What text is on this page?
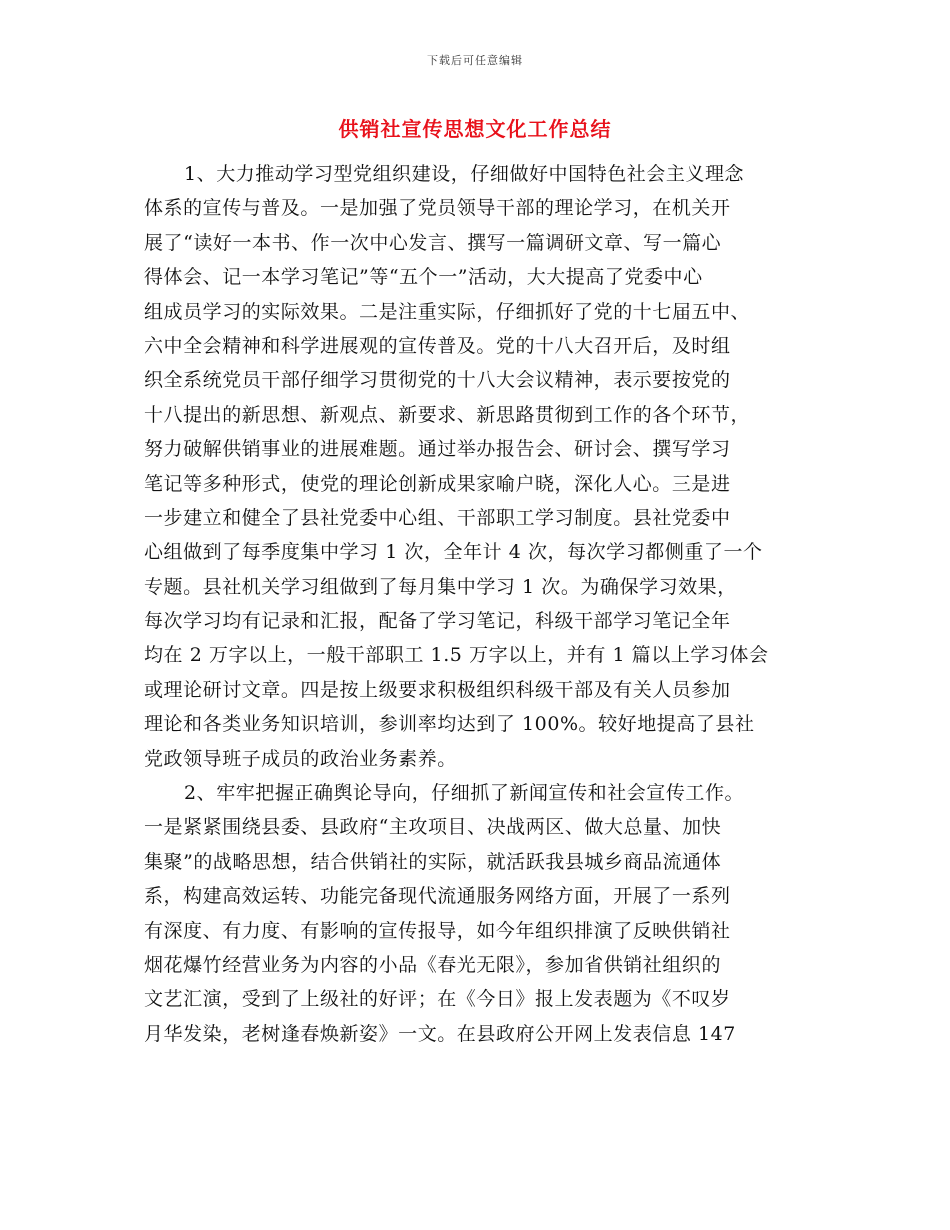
下载后可任意编辑
供销社宣传思想文化工作总结
1、大力推动学习型党组织建设，仔细做好中国特色社会主义理念
体系的宣传与普及。一是加强了党员领导干部的理论学习，在机关开
展了“读好一本书、作一次中心发言、撰写一篇调研文章、写一篇心
得体会、记一本学习笔记”等“五个一”活动，大大提高了党委中心
组成员学习的实际效果。二是注重实际，仔细抓好了党的十七届五中、
六中全会精神和科学进展观的宣传普及。党的十八大召开后，及时组
织全系统党员干部仔细学习贯彻党的十八大会议精神，表示要按党的
十八提出的新思想、新观点、新要求、新思路贯彻到工作的各个环节，
努力破解供销事业的进展难题。通过举办报告会、研讨会、撰写学习
笔记等多种形式，使党的理论创新成果家喻户晓，深化人心。三是进
一步建立和健全了县社党委中心组、干部职工学习制度。县社党委中
心组做到了每季度集中学习 1 次，全年计 4 次，每次学习都侧重了一个
专题。县社机关学习组做到了每月集中学习 1 次。为确保学习效果，
每次学习均有记录和汇报，配备了学习笔记，科级干部学习笔记全年
均在 2 万字以上，一般干部职工 1.5 万字以上，并有 1 篇以上学习体会
或理论研讨文章。四是按上级要求积极组织科级干部及有关人员参加
理论和各类业务知识培训，参训率均达到了 100%。较好地提高了县社
党政领导班子成员的政治业务素养。
2、牢牢把握正确舆论导向，仔细抓了新闻宣传和社会宣传工作。
一是紧紧围绕县委、县政府“主攻项目、决战两区、做大总量、加快
集聚”的战略思想，结合供销社的实际，就活跃我县城乡商品流通体
系，构建高效运转、功能完备现代流通服务网络方面，开展了一系列
有深度、有力度、有影响的宣传报导，如今年组织排演了反映供销社
烟花爆竹经营业务为内容的小品《春光无限》，参加省供销社组织的
文艺汇演，受到了上级社的好评；在《今日》报上发表题为《不叹岁
月华发染，老树逢春焕新姿》一文。在县政府公开网上发表信息 147
